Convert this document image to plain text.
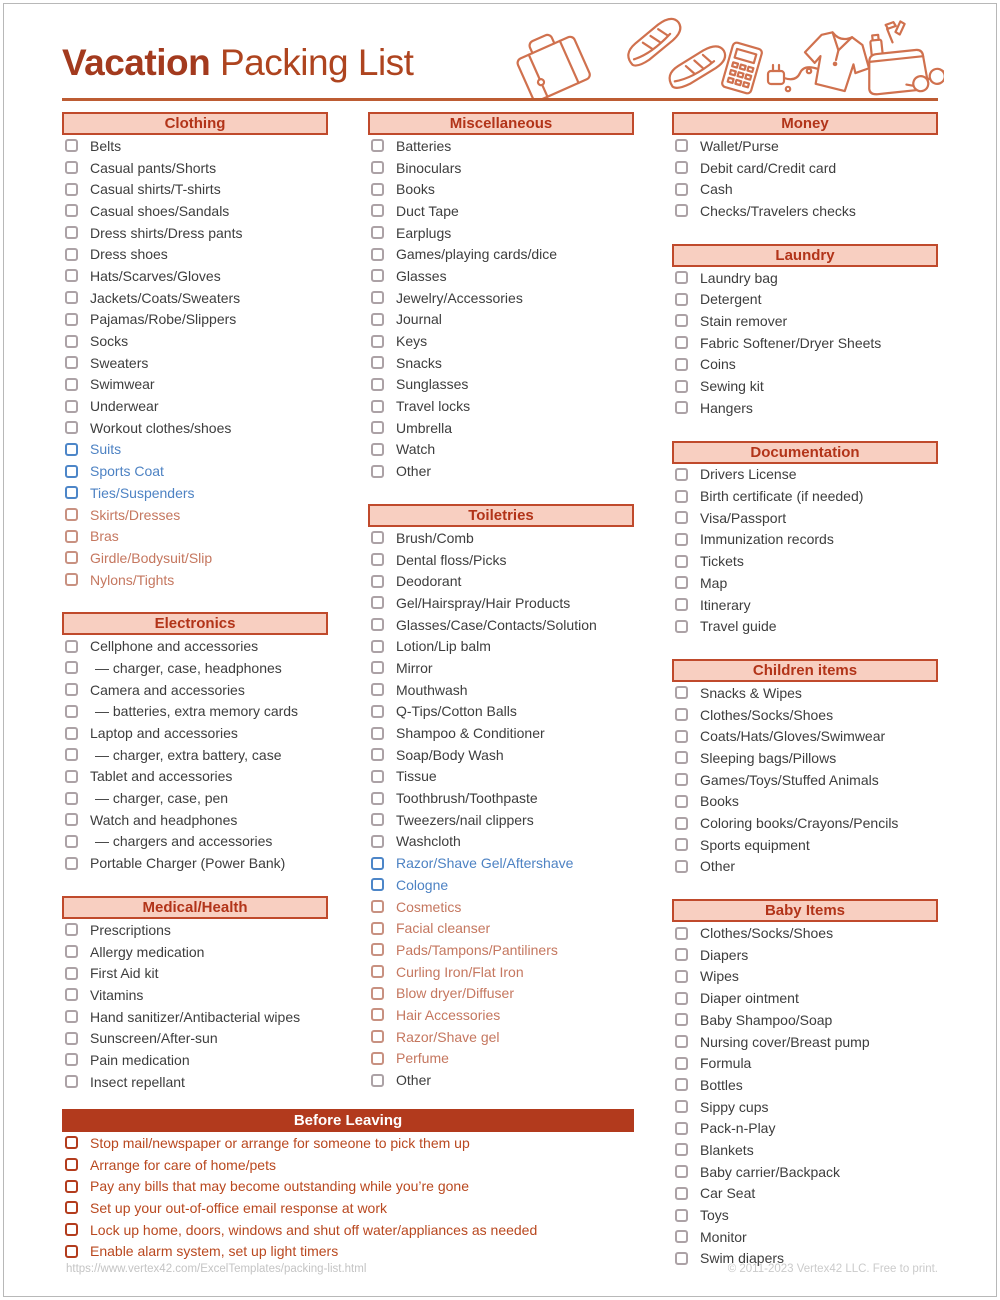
Vacation Packing List
Clothing
Belts
Casual pants/Shorts
Casual shirts/T-shirts
Casual shoes/Sandals
Dress shirts/Dress pants
Dress shoes
Hats/Scarves/Gloves
Jackets/Coats/Sweaters
Pajamas/Robe/Slippers
Socks
Sweaters
Swimwear
Underwear
Workout clothes/shoes
Suits
Sports Coat
Ties/Suspenders
Skirts/Dresses
Bras
Girdle/Bodysuit/Slip
Nylons/Tights
Electronics
Cellphone and accessories
— charger, case, headphones
Camera and accessories
— batteries, extra memory cards
Laptop and accessories
— charger, extra battery, case
Tablet and accessories
— charger, case, pen
Watch and headphones
— chargers and accessories
Portable Charger (Power Bank)
Medical/Health
Prescriptions
Allergy medication
First Aid kit
Vitamins
Hand sanitizer/Antibacterial wipes
Sunscreen/After-sun
Pain medication
Insect repellant
Miscellaneous
Batteries
Binoculars
Books
Duct Tape
Earplugs
Games/playing cards/dice
Glasses
Jewelry/Accessories
Journal
Keys
Snacks
Sunglasses
Travel locks
Umbrella
Watch
Other
Toiletries
Brush/Comb
Dental floss/Picks
Deodorant
Gel/Hairspray/Hair Products
Glasses/Case/Contacts/Solution
Lotion/Lip balm
Mirror
Mouthwash
Q-Tips/Cotton Balls
Shampoo & Conditioner
Soap/Body Wash
Tissue
Toothbrush/Toothpaste
Tweezers/nail clippers
Washcloth
Razor/Shave Gel/Aftershave
Cologne
Cosmetics
Facial cleanser
Pads/Tampons/Pantiliners
Curling Iron/Flat Iron
Blow dryer/Diffuser
Hair Accessories
Razor/Shave gel
Perfume
Other
Money
Wallet/Purse
Debit card/Credit card
Cash
Checks/Travelers checks
Laundry
Laundry bag
Detergent
Stain remover
Fabric Softener/Dryer Sheets
Coins
Sewing kit
Hangers
Documentation
Drivers License
Birth certificate (if needed)
Visa/Passport
Immunization records
Tickets
Map
Itinerary
Travel guide
Children items
Snacks & Wipes
Clothes/Socks/Shoes
Coats/Hats/Gloves/Swimwear
Sleeping bags/Pillows
Games/Toys/Stuffed Animals
Books
Coloring books/Crayons/Pencils
Sports equipment
Other
Baby Items
Clothes/Socks/Shoes
Diapers
Wipes
Diaper ointment
Baby Shampoo/Soap
Nursing cover/Breast pump
Formula
Bottles
Sippy cups
Pack-n-Play
Blankets
Baby carrier/Backpack
Car Seat
Toys
Monitor
Swim diapers
Before Leaving
Stop mail/newspaper or arrange for someone to pick them up
Arrange for care of home/pets
Pay any bills that may become outstanding while you’re gone
Set up your out-of-office email response at work
Lock up home, doors, windows and shut off water/appliances as needed
Enable alarm system, set up light timers
https://www.vertex42.com/ExcelTemplates/packing-list.html	© 2011-2023 Vertex42 LLC. Free to print.
